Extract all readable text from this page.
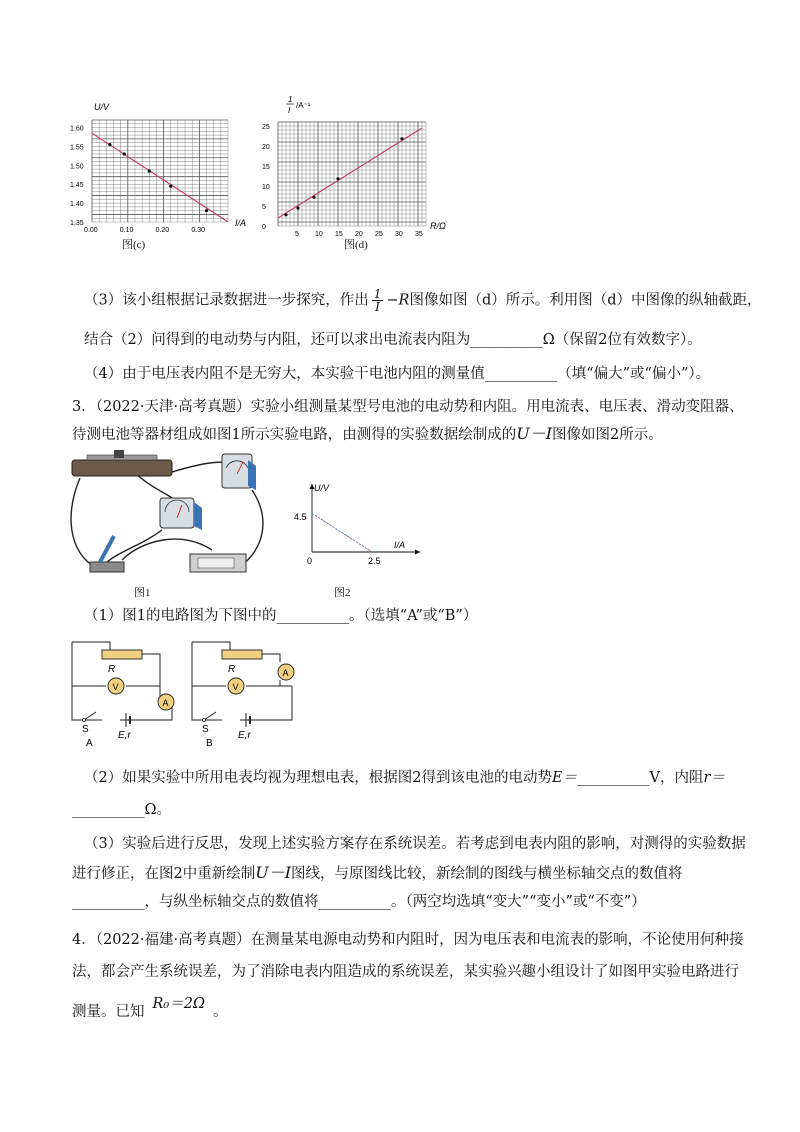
1.60
1.55
1.50
1.45
1.40
1.35
0.00	0.10	0.20	0.30
U/V
I/A
图(c)
25
20
15
10
5
0
5 10 15 20 25 30 35
1
I
/A⁻¹
R/Ω
图(d)
（3）该小组根据记录数据进一步探究，作出 $\frac{1}{I} -R$图像如图（d）所示。利用图（d）中图像的纵轴截距，
结合（2）问得到的电动势与内阻，还可以求出电流表内阻为__________Ω（保留2位有效数字）。
（4）由于电压表内阻不是无穷大，本实验干电池内阻的测量值__________（填“偏大”或“偏小”）。
3．（2022·天津·高考真题）实验小组测量某型号电池的电动势和内阻。用电流表、电压表、滑动变阻器、
待测电池等器材组成如图1所示实验电路，由测得的实验数据绘制成的U－I图像如图2所示。
图1
U/V
I/A
4.5
2.5
0
图2
（1）图1的电路图为下图中的__________。（选填“A”或“B”）
R
V
A
S
E,r
A
R
V
A
S
E,r
B
（2）如果实验中所用电表均视为理想电表，根据图2得到该电池的电动势E＝__________V，内阻r＝
__________Ω。
（3）实验后进行反思，发现上述实验方案存在系统误差。若考虑到电表内阻的影响，对测得的实验数据
进行修正，在图2中重新绘制U－I图线，与原图线比较，新绘制的图线与横坐标轴交点的数值将
__________，与纵坐标轴交点的数值将__________。（两空均选填“变大”“变小”或“不变”）
4．（2022·福建·高考真题）在测量某电源电动势和内阻时，因为电压表和电流表的影响，不论使用何种接
法，都会产生系统误差，为了消除电表内阻造成的系统误差，某实验兴趣小组设计了如图甲实验电路进行
测量。已知 R₀＝2Ω 。
